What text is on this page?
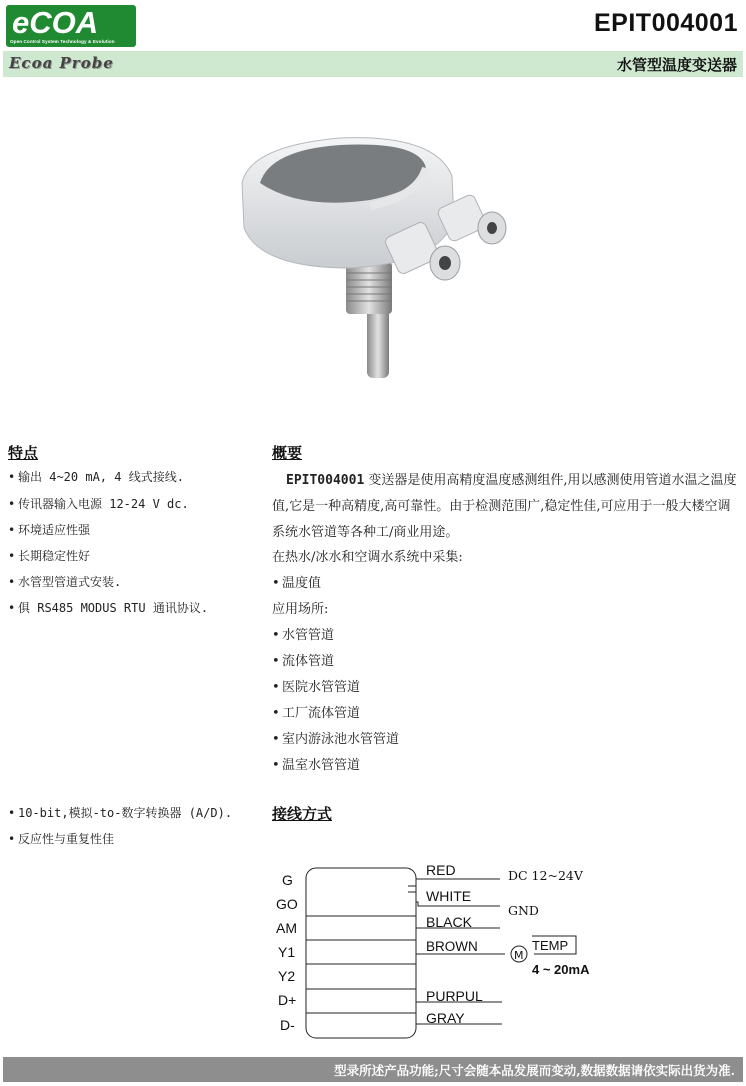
eCOA
Open Control System Technology & Evolution
EPIT004001
Ecoa Probe	水管型温度变送器
特点
• 输出 4~20 mA, 4 线式接线.
• 传讯器输入电源 12-24 V dc.
• 环境适应性强
• 长期稳定性好
• 水管型管道式安装.
• 俱 RS485 MODUS RTU 通讯协议.
• 10-bit,模拟-to-数字转换器 (A/D).
• 反应性与重复性佳
概要
EPIT004001 变送器是使用高精度温度感测组件,用以感测使用管道水温之温度值,它是一种高精度,高可靠性。由于检测范围广,稳定性佳,可应用于一般大楼空调系统水管道等各种工/商业用途。
在热水/冰水和空调水系统中采集:
• 温度值
应用场所:
• 水管管道
• 流体管道
• 医院水管管道
• 工厂流体管道
• 室内游泳池水管管道
• 温室水管管道
接线方式
G
GO
AM
Y1
Y2
D+
D-
RED
WHITE
BLACK
BROWN
PURPUL
GRAY
DC 12~24V
GND
M
TEMP
4 ~ 20mA
型录所述产品功能;尺寸会随本品发展而变动,数据数据请依实际出货为准.
